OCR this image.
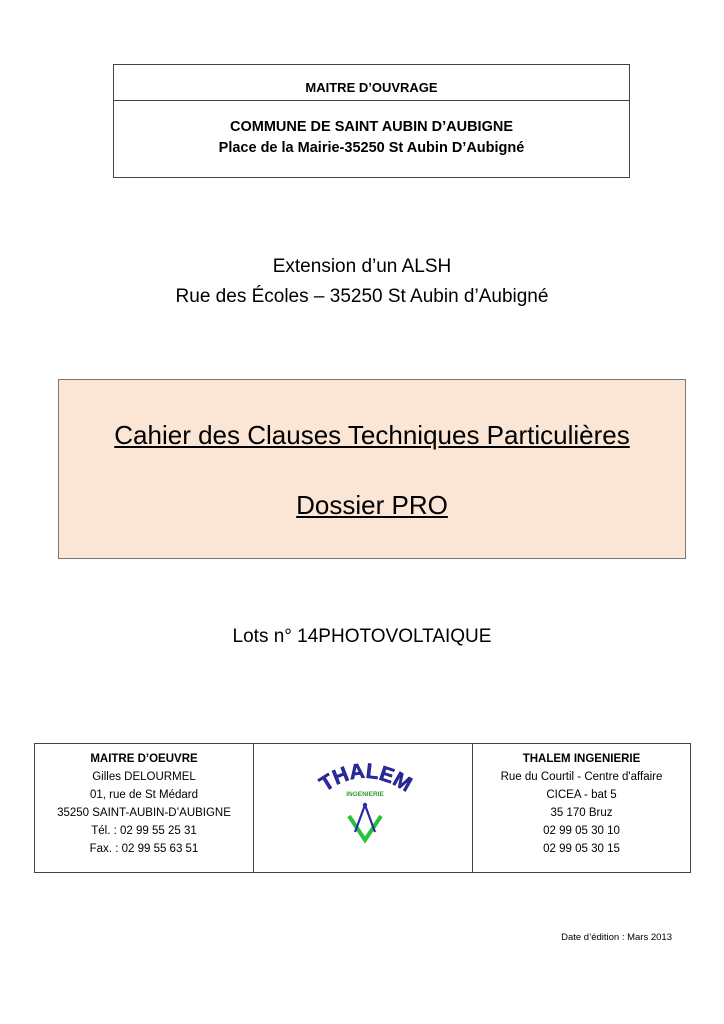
MAITRE D’OUVRAGE
COMMUNE DE SAINT AUBIN D’AUBIGNE
Place de la Mairie-35250 St Aubin D’Aubigné
Extension d’un ALSH
Rue des Écoles – 35250 St Aubin d’Aubigné
Cahier des Clauses Techniques Particulières
Dossier PRO
Lots n° 14PHOTOVOLTAIQUE
MAITRE D’OEUVRE
Gilles DELOURMEL
01, rue de St Médard
35250 SAINT-AUBIN-D’AUBIGNE
Tél. : 02 99 55 25 31
Fax. : 02 99 55 63 51
THALEM
INGENIERIE
THALEM INGENIERIE
Rue du Courtil - Centre d'affaire
CICEA - bat 5
35 170 Bruz
02 99 05 30 10
02 99 05 30 15
Date d’édition : Mars 2013
